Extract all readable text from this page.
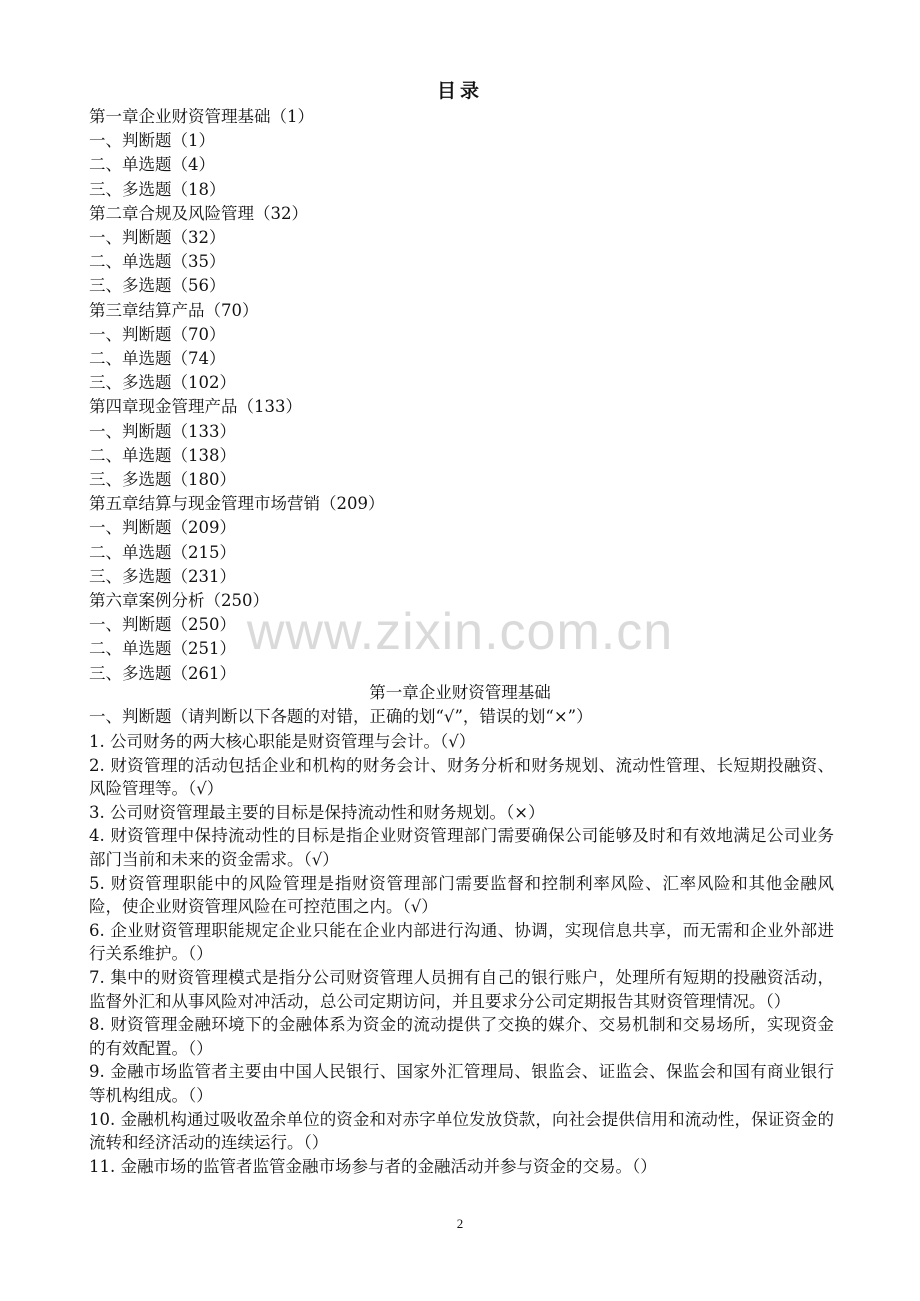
目录
第一章企业财资管理基础（1）
一、判断题（1）
二、单选题（4）
三、多选题（18）
第二章合规及风险管理（32）
一、判断题（32）
二、单选题（35）
三、多选题（56）
第三章结算产品（70）
一、判断题（70）
二、单选题（74）
三、多选题（102）
第四章现金管理产品（133）
一、判断题（133）
二、单选题（138）
三、多选题（180）
第五章结算与现金管理市场营销（209）
一、判断题（209）
二、单选题（215）
三、多选题（231）
第六章案例分析（250）
一、判断题（250）
二、单选题（251）
三、多选题（261）
www.zixin.com.cn
第一章企业财资管理基础
一、判断题（请判断以下各题的对错，正确的划“√”，错误的划“×”）

1. 公司财务的两大核心职能是财资管理与会计。（√）

2. 财资管理的活动包括企业和机构的财务会计、财务分析和财务规划、流动性管理、长短期投融资、风险管理等。（√）

3. 公司财资管理最主要的目标是保持流动性和财务规划。（×）

4. 财资管理中保持流动性的目标是指企业财资管理部门需要确保公司能够及时和有效地满足公司业务部门当前和未来的资金需求。（√）

5. 财资管理职能中的风险管理是指财资管理部门需要监督和控制利率风险、汇率风险和其他金融风险，使企业财资管理风险在可控范围之内。（√）

6. 企业财资管理职能规定企业只能在企业内部进行沟通、协调，实现信息共享，而无需和企业外部进行关系维护。（）

7. 集中的财资管理模式是指分公司财资管理人员拥有自己的银行账户，处理所有短期的投融资活动，监督外汇和从事风险对冲活动，总公司定期访问，并且要求分公司定期报告其财资管理情况。（）

8. 财资管理金融环境下的金融体系为资金的流动提供了交换的媒介、交易机制和交易场所，实现资金的有效配置。（）

9. 金融市场监管者主要由中国人民银行、国家外汇管理局、银监会、证监会、保监会和国有商业银行等机构组成。（）

10. 金融机构通过吸收盈余单位的资金和对赤字单位发放贷款，向社会提供信用和流动性，保证资金的流转和经济活动的连续运行。（）

11. 金融市场的监管者监管金融市场参与者的金融活动并参与资金的交易。（）

2
